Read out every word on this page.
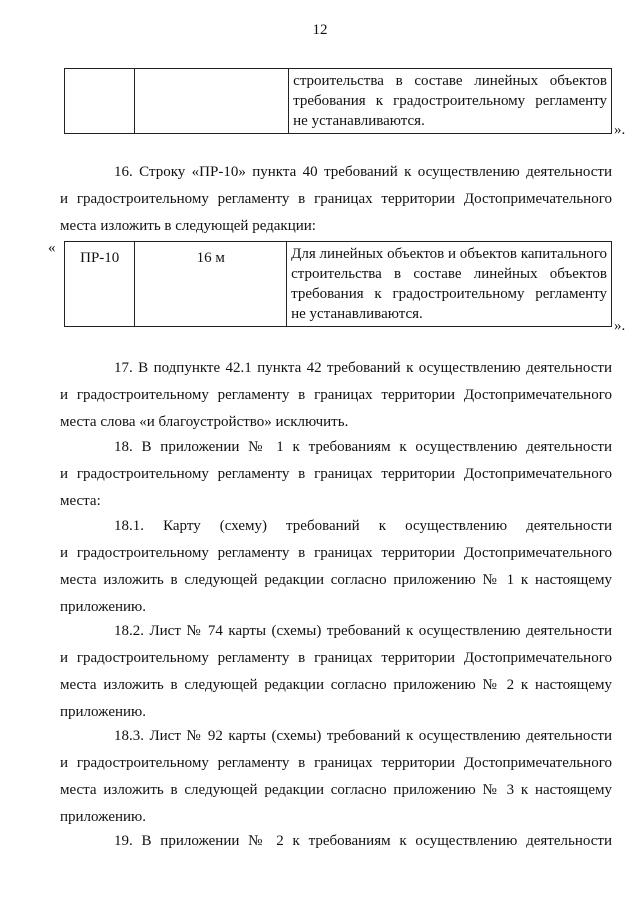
12

строительства в составе линейных объектов
требования к градостроительному регламенту
не устанавливаются.
».
16. Строку «ПР-10» пункта 40 требований к осуществлению деятельности
и градостроительному регламенту в границах территории Достопримечательного
места изложить в следующей редакции:
«
ПР-10	16 м	Для линейных объектов и объектов капитального
строительства в составе линейных объектов
требования к градостроительному регламенту
не устанавливаются.
».
17. В подпункте 42.1 пункта 42 требований к осуществлению деятельности
и градостроительному регламенту в границах территории Достопримечательного
места слова «и благоустройство» исключить.
18. В приложении № 1 к требованиям к осуществлению деятельности
и градостроительному регламенту в границах территории Достопримечательного
места:
18.1. Карту (схему) требований к осуществлению деятельности
и градостроительному регламенту в границах территории Достопримечательного
места изложить в следующей редакции согласно приложению № 1 к настоящему
приложению.
18.2. Лист № 74 карты (схемы) требований к осуществлению деятельности
и градостроительному регламенту в границах территории Достопримечательного
места изложить в следующей редакции согласно приложению № 2 к настоящему
приложению.
18.3. Лист № 92 карты (схемы) требований к осуществлению деятельности
и градостроительному регламенту в границах территории Достопримечательного
места изложить в следующей редакции согласно приложению № 3 к настоящему
приложению.
19. В приложении № 2 к требованиям к осуществлению деятельности
